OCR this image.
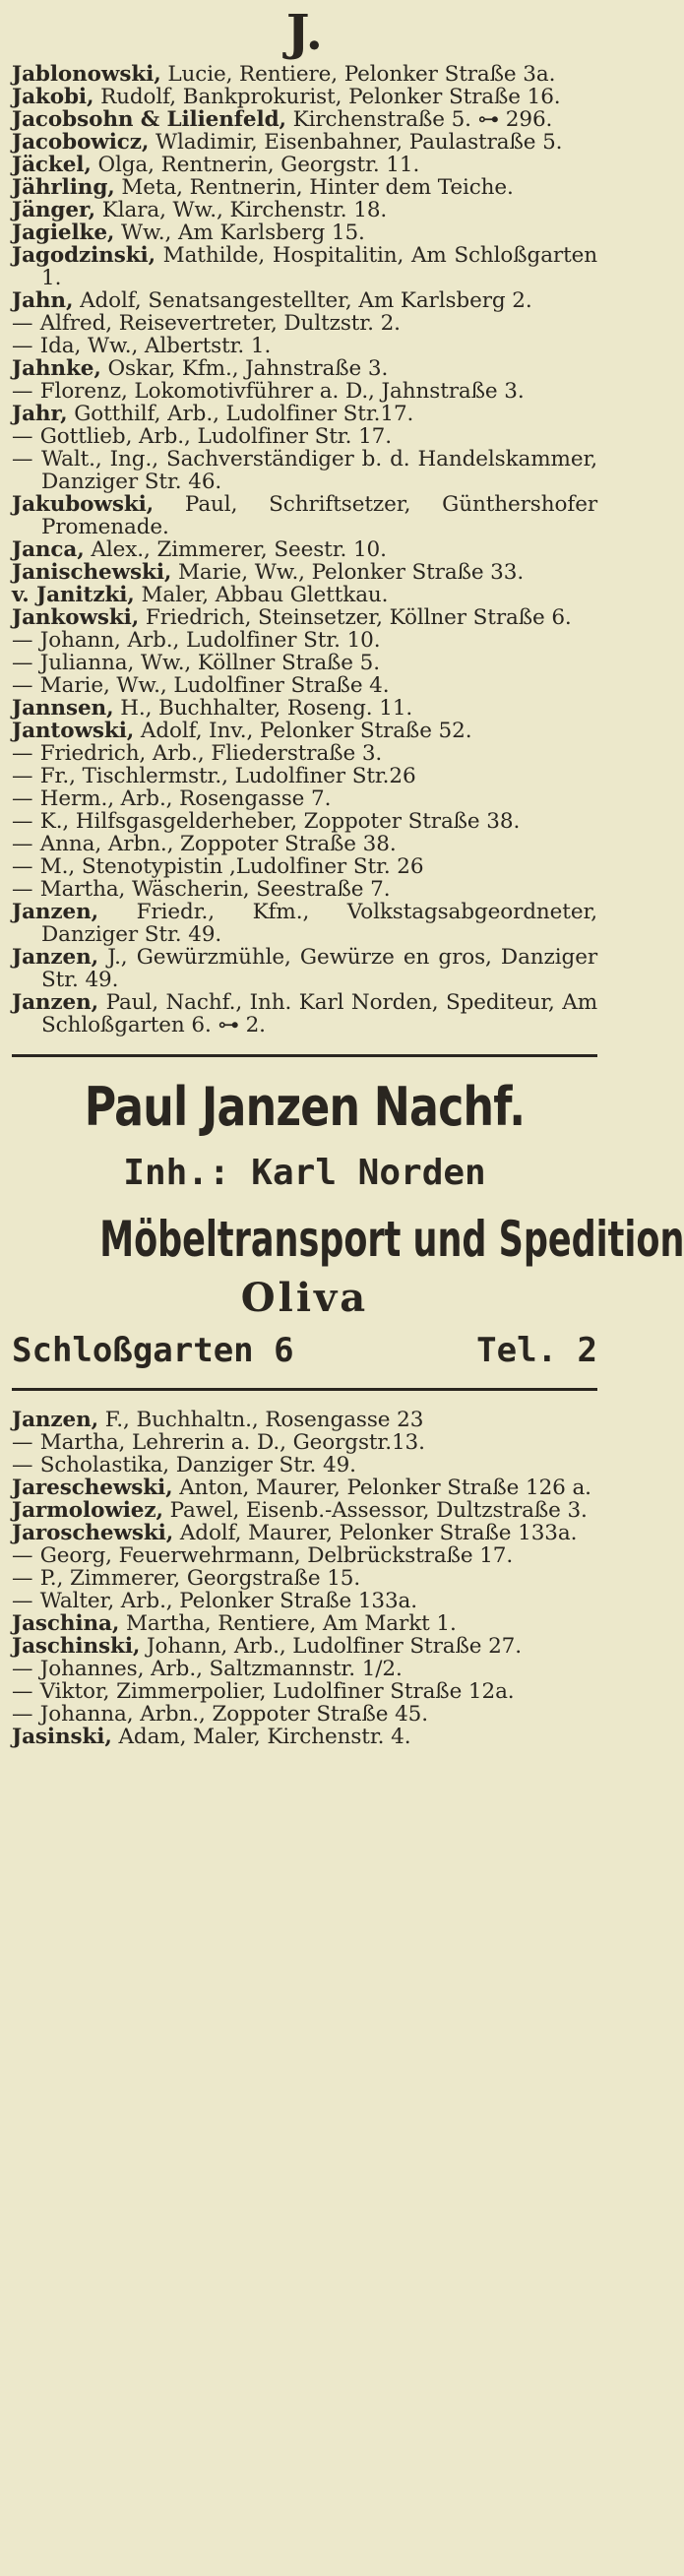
J.

Jablonowski, Lucie, Rentiere, Pelonker Straße 3a.

Jakobi, Rudolf, Bankprokurist, Pelonker Straße 16.

Jacobsohn & Lilienfeld, Kirchenstraße 5. ⊶ 296.

Jacobowicz, Wladimir, Eisenbahner, Paulastraße 5.

Jäckel, Olga, Rentnerin, Georgstr. 11.

Jährling, Meta, Rentnerin, Hinter dem Teiche.

Jänger, Klara, Ww., Kirchenstr. 18.

Jagielke, Ww., Am Karlsberg 15.

Jagodzinski, Mathilde, Hospitalitin, Am Schloßgarten 1.

Jahn, Adolf, Senatsangestellter, Am Karlsberg 2.

— Alfred, Reisevertreter, Dultzstr. 2.

— Ida, Ww., Albertstr. 1.

Jahnke, Oskar, Kfm., Jahnstraße 3.

— Florenz, Lokomotivführer a. D., Jahnstraße 3.

Jahr, Gotthilf, Arb., Ludolfiner Str.17.

— Gottlieb, Arb., Ludolfiner Str. 17.

— Walt., Ing., Sachverständiger b. d. Handelskammer, Danziger Str. 46.

Jakubowski, Paul, Schriftsetzer, Günthershofer Promenade.

Janca, Alex., Zimmerer, Seestr. 10.

Janischewski, Marie, Ww., Pelonker Straße 33.

v. Janitzki, Maler, Abbau Glettkau.

Jankowski, Friedrich, Steinsetzer, Köllner Straße 6.

— Johann, Arb., Ludolfiner Str. 10.

— Julianna, Ww., Köllner Straße 5.

— Marie, Ww., Ludolfiner Straße 4.

Jannsen, H., Buchhalter, Roseng. 11.

Jantowski, Adolf, Inv., Pelonker Straße 52.

— Friedrich, Arb., Fliederstraße 3.

— Fr., Tischlermstr., Ludolfiner Str.26

— Herm., Arb., Rosengasse 7.

— K., Hilfsgasgelderheber, Zoppoter Straße 38.

— Anna, Arbn., Zoppoter Straße 38.

— M., Stenotypistin ,Ludolfiner Str. 26

— Martha, Wäscherin, Seestraße 7.

Janzen, Friedr., Kfm., Volkstagsabgeordneter, Danziger Str. 49.

Janzen, J., Gewürzmühle, Gewürze en gros, Danziger Str. 49.

Janzen, Paul, Nachf., Inh. Karl Norden, Spediteur, Am Schloßgarten 6. ⊶ 2.

Paul Janzen Nachf.
Inh.: Karl Norden
Möbeltransport und Spedition
Oliva
Schloßgarten 6	Tel. 2

Janzen, F., Buchhaltn., Rosengasse 23

— Martha, Lehrerin a. D., Georgstr.13.

— Scholastika, Danziger Str. 49.

Jareschewski, Anton, Maurer, Pelonker Straße 126 a.

Jarmolowiez, Pawel, Eisenb.-Assessor, Dultzstraße 3.

Jaroschewski, Adolf, Maurer, Pelonker Straße 133a.

— Georg, Feuerwehrmann, Delbrückstraße 17.

— P., Zimmerer, Georgstraße 15.

— Walter, Arb., Pelonker Straße 133a.

Jaschina, Martha, Rentiere, Am Markt 1.

Jaschinski, Johann, Arb., Ludolfiner Straße 27.

— Johannes, Arb., Saltzmannstr. 1/2.

— Viktor, Zimmerpolier, Ludolfiner Straße 12a.

— Johanna, Arbn., Zoppoter Straße 45.

Jasinski, Adam, Maler, Kirchenstr. 4.
